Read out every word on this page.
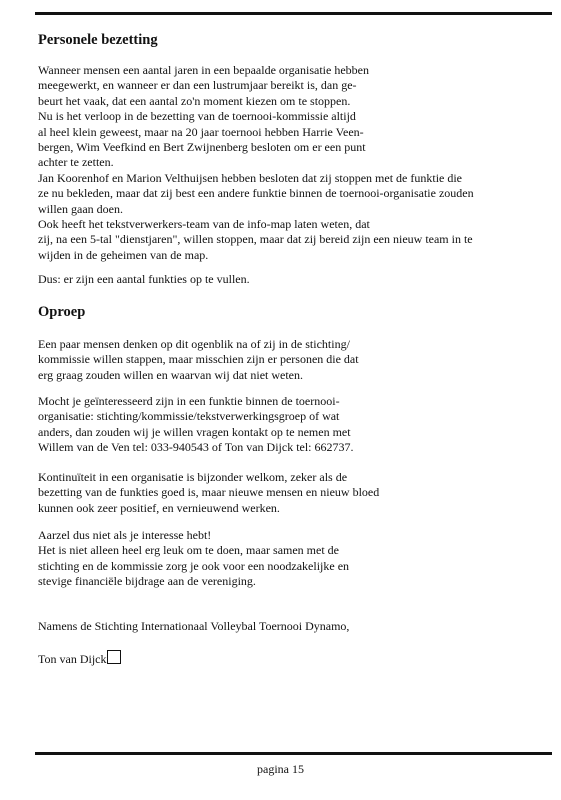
Personele bezetting
Wanneer mensen een aantal jaren in een bepaalde organisatie hebben
meegewerkt, en wanneer er dan een lustrumjaar bereikt is, dan ge-
beurt het vaak, dat een aantal zo'n moment kiezen om te stoppen.
Nu is het verloop in de bezetting van de toernooi-kommissie altijd
al heel klein geweest, maar na 20 jaar toernooi hebben Harrie Veen-
bergen, Wim Veefkind en Bert Zwijnenberg besloten om er een punt
achter te zetten.
Jan Koorenhof en Marion Velthuijsen hebben besloten dat zij stoppen met de funktie die
ze nu bekleden, maar dat zij best een andere funktie binnen de toernooi-organisatie zouden
willen gaan doen.
Ook heeft het tekstverwerkers-team van de info-map laten weten, dat
zij, na een 5-tal "dienstjaren", willen stoppen, maar dat zij bereid zijn een nieuw team in te
wijden in de geheimen van de map.
Dus: er zijn een aantal funkties op te vullen.
Oproep
Een paar mensen denken op dit ogenblik na of zij in de stichting/
kommissie willen stappen, maar misschien zijn er personen die dat
erg graag zouden willen en waarvan wij dat niet weten.
Mocht je geïnteresseerd zijn in een funktie binnen de toernooi-
organisatie: stichting/kommissie/tekstverwerkingsgroep of wat
anders, dan zouden wij je willen vragen kontakt op te nemen met
Willem van de Ven tel: 033-940543 of Ton van Dijck tel: 662737.
Kontinuïteit in een organisatie is bijzonder welkom, zeker als de
bezetting van de funkties goed is, maar nieuwe mensen en nieuw bloed
kunnen ook zeer positief, en vernieuwend werken.
Aarzel dus niet als je interesse hebt!
Het is niet alleen heel erg leuk om te doen, maar samen met de
stichting en de kommissie zorg je ook voor een noodzakelijke en
stevige financiële bijdrage aan de vereniging.
Namens de Stichting Internationaal Volleybal Toernooi Dynamo,
Ton van Dijck
pagina 15
